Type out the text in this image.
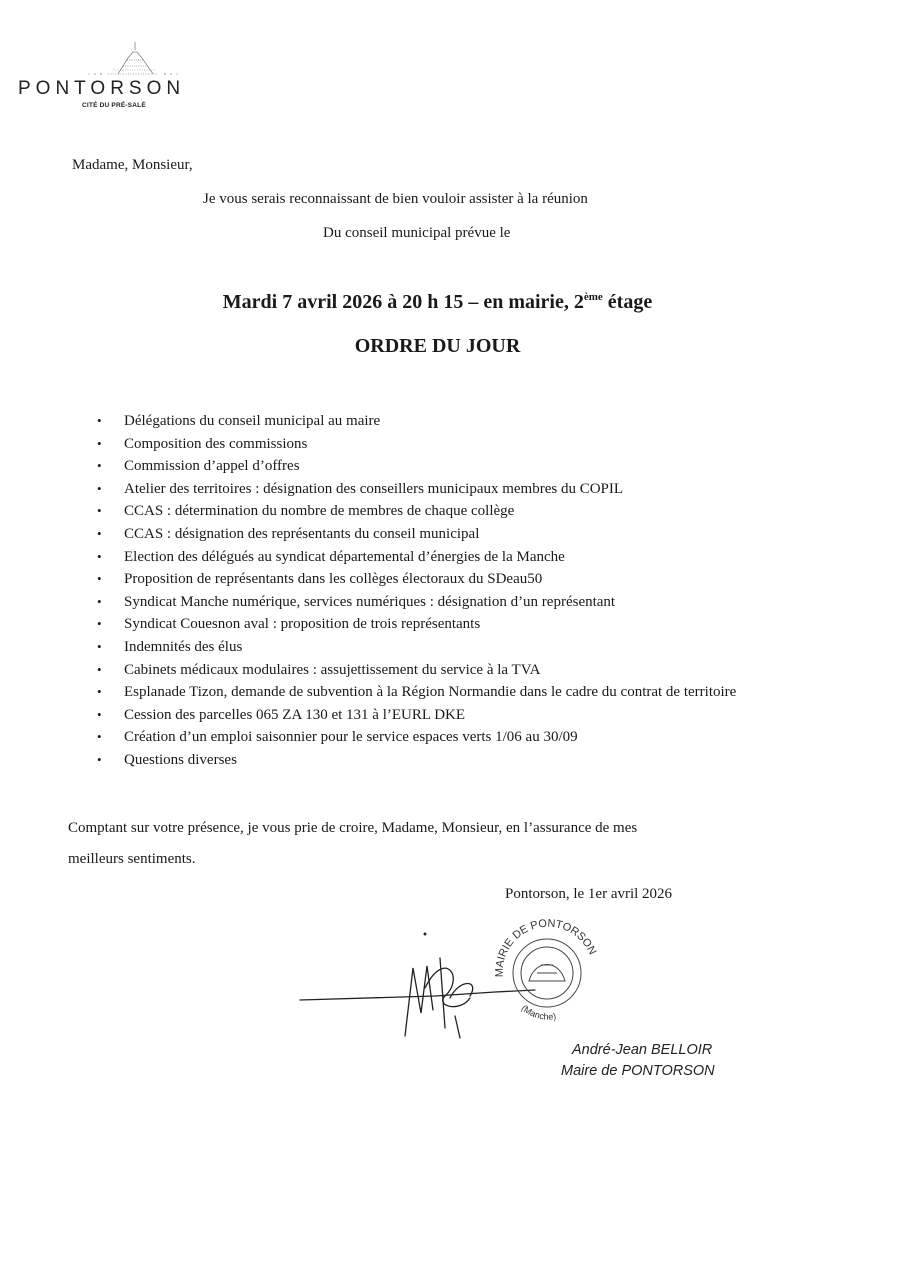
PONTORSON
CITÉ DU PRÉ-SALÉ
Madame, Monsieur,
Je vous serais reconnaissant de bien vouloir assister à la réunion
Du conseil municipal prévue le
Mardi 7 avril 2026 à 20 h 15 – en mairie, 2ème étage
ORDRE DU JOUR
• Délégations du conseil municipal au maire
• Composition des commissions
• Commission d’appel d’offres
• Atelier des territoires : désignation des conseillers municipaux membres du COPIL
• CCAS : détermination du nombre de membres de chaque collège
• CCAS : désignation des représentants du conseil municipal
• Election des délégués au syndicat départemental d’énergies de la Manche
• Proposition de représentants dans les collèges électoraux du SDeau50
• Syndicat Manche numérique, services numériques : désignation d’un représentant
• Syndicat Couesnon aval : proposition de trois représentants
• Indemnités des élus
• Cabinets médicaux modulaires : assujettissement du service à la TVA
• Esplanade Tizon, demande de subvention à la Région Normandie dans le cadre du contrat de territoire
• Cession des parcelles 065 ZA 130 et 131 à l’EURL DKE
• Création d’un emploi saisonnier pour le service espaces verts 1/06 au 30/09
• Questions diverses
Comptant sur votre présence, je vous prie de croire, Madame, Monsieur, en l’assurance de mes
meilleurs sentiments.
Pontorson, le 1er avril 2026
MAIRIE DE PONTORSON
(Manche)
André-Jean BELLOIR
Maire de PONTORSON
